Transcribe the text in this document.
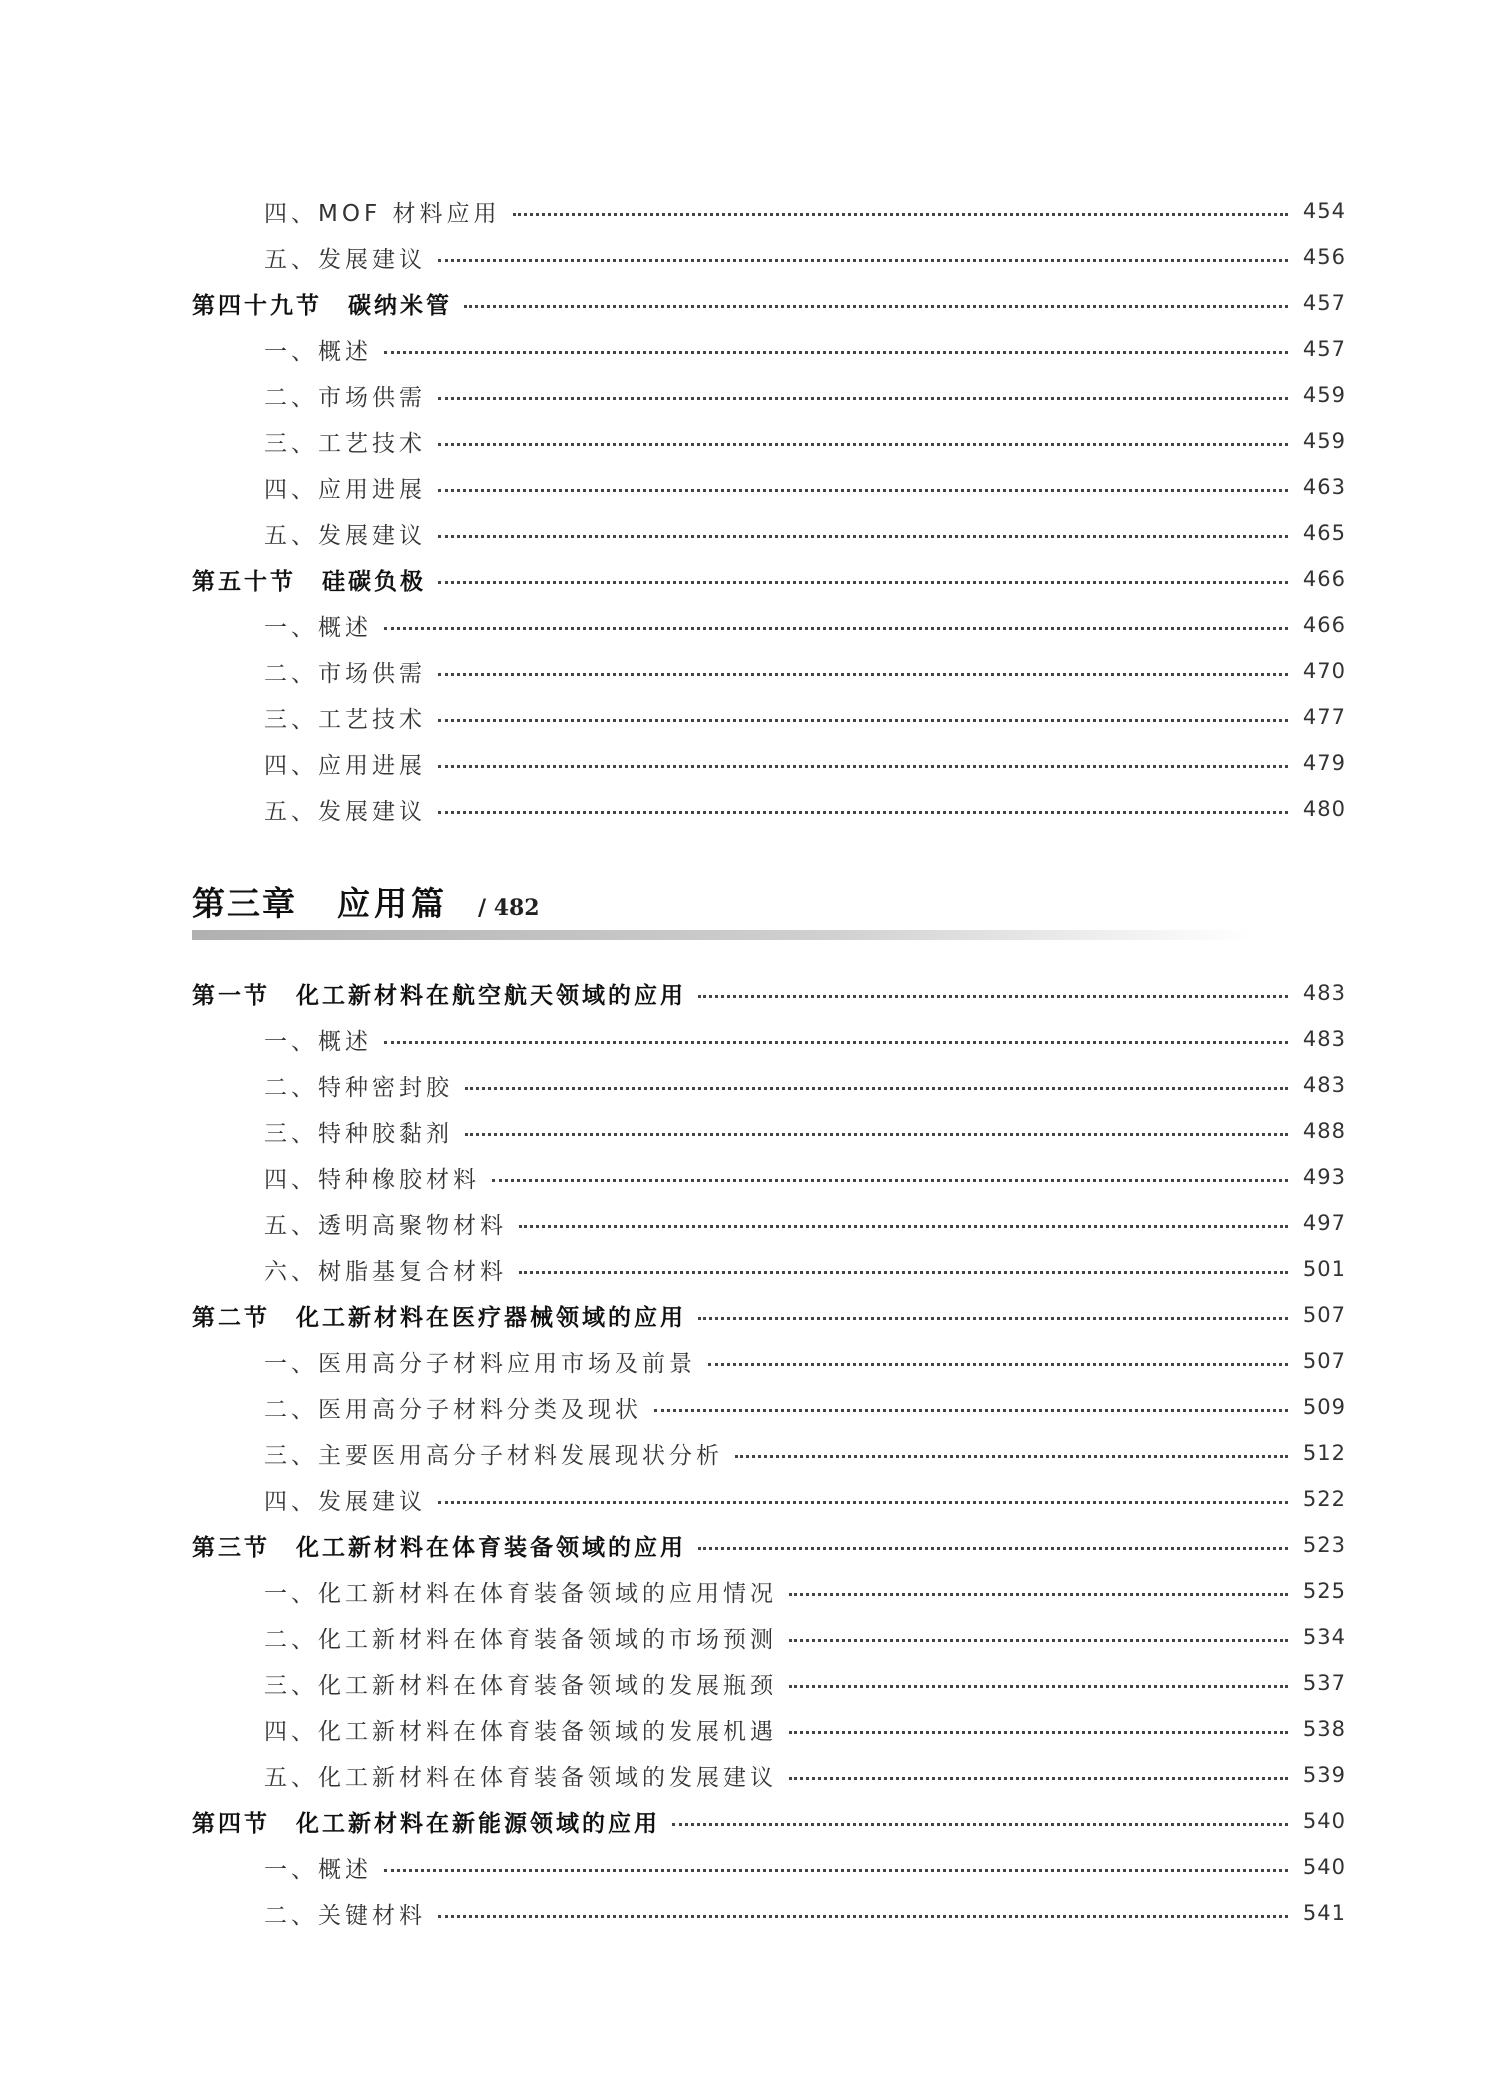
四、MOF 材料应用	454
五、发展建议	456
第四十九节　碳纳米管	457
一、概述	457
二、市场供需	459
三、工艺技术	459
四、应用进展	463
五、发展建议	465
第五十节　硅碳负极	466
一、概述	466
二、市场供需	470
三、工艺技术	477
四、应用进展	479
五、发展建议	480
第三章 应用篇 / 482
第一节　化工新材料在航空航天领域的应用	483
一、概述	483
二、特种密封胶	483
三、特种胶黏剂	488
四、特种橡胶材料	493
五、透明高聚物材料	497
六、树脂基复合材料	501
第二节　化工新材料在医疗器械领域的应用	507
一、医用高分子材料应用市场及前景	507
二、医用高分子材料分类及现状	509
三、主要医用高分子材料发展现状分析	512
四、发展建议	522
第三节　化工新材料在体育装备领域的应用	523
一、化工新材料在体育装备领域的应用情况	525
二、化工新材料在体育装备领域的市场预测	534
三、化工新材料在体育装备领域的发展瓶颈	537
四、化工新材料在体育装备领域的发展机遇	538
五、化工新材料在体育装备领域的发展建议	539
第四节　化工新材料在新能源领域的应用	540
一、概述	540
二、关键材料	541
